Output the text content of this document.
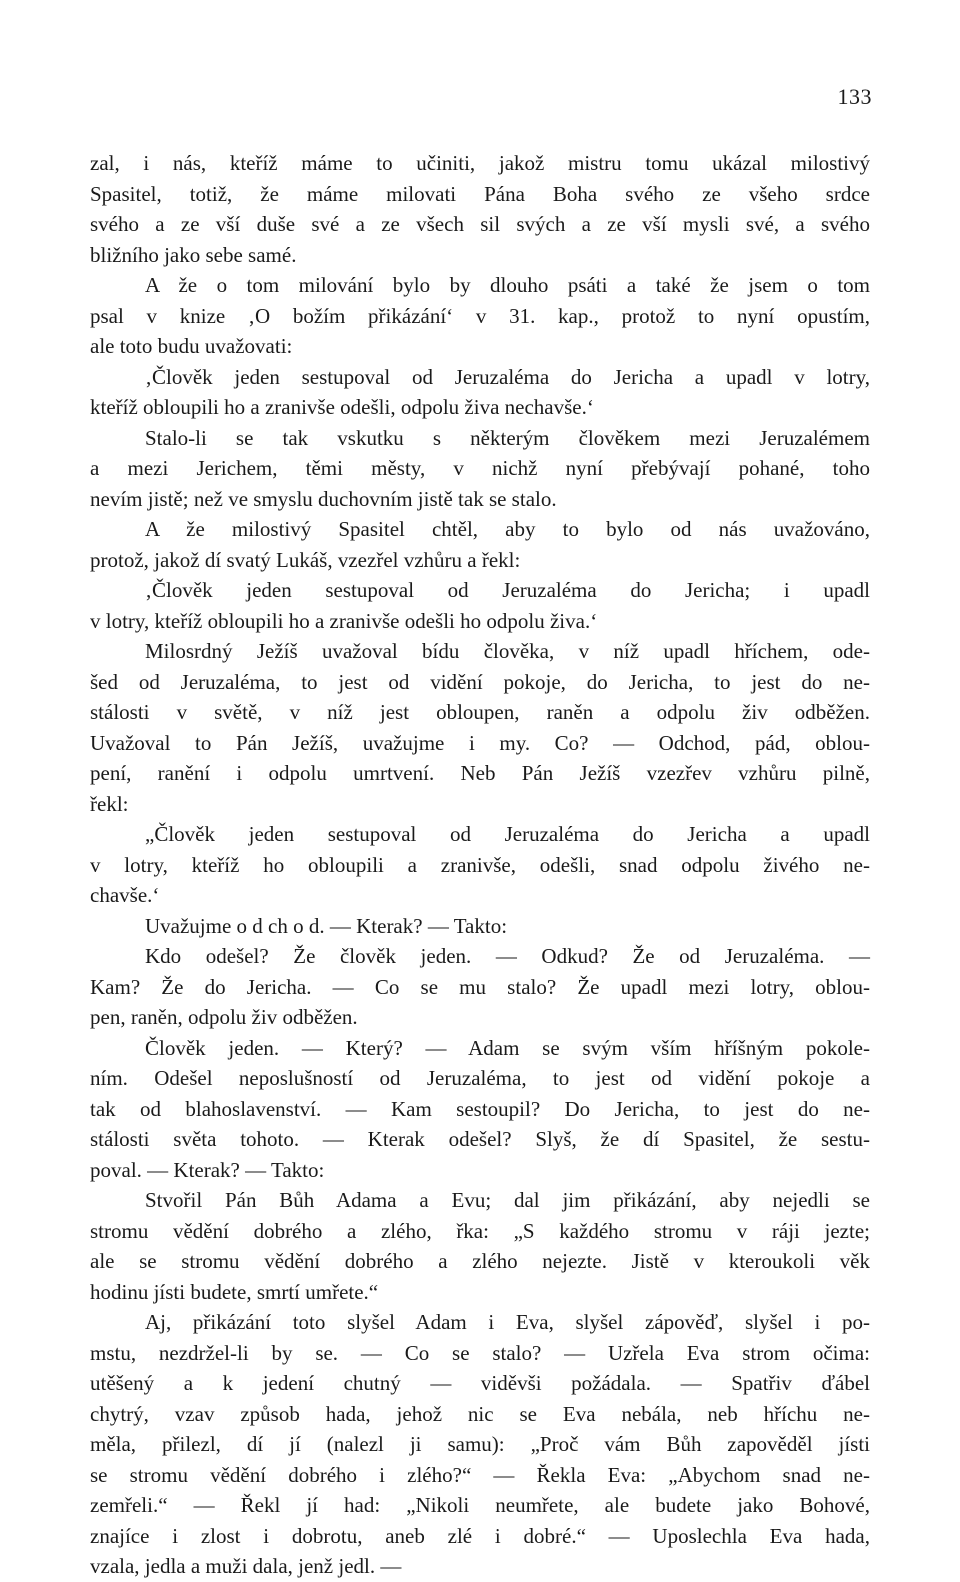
133
zal, i nás, kteříž máme to učiniti, jakož mistru tomu ukázal milostivý
Spasitel, totiž, že máme milovati Pána Boha svého ze všeho srdce
svého a ze vší duše své a ze všech sil svých a ze vší mysli své, a svého
bližního jako sebe samé.
A že o tom milování bylo by dlouho psáti a také že jsem o tom
psal v knize ‚O božím přikázání‘ v 31. kap., protož to nyní opustím,
ale toto budu uvažovati:
‚Člověk jeden sestupoval od Jeruzaléma do Jericha a upadl v lotry,
kteříž obloupili ho a zranivše odešli, odpolu živa nechavše.‘
Stalo-li se tak vskutku s některým člověkem mezi Jeruzalémem
a mezi Jerichem, těmi městy, v nichž nyní přebývají pohané, toho
nevím jistě; než ve smyslu duchovním jistě tak se stalo.
A že milostivý Spasitel chtěl, aby to bylo od nás uvažováno,
protož, jakož dí svatý Lukáš, vzezřel vzhůru a řekl:
‚Člověk jeden sestupoval od Jeruzaléma do Jericha; i upadl
v lotry, kteříž obloupili ho a zranivše odešli ho odpolu živa.‘
Milosrdný Ježíš uvažoval bídu člověka, v níž upadl hříchem, ode-
šed od Jeruzaléma, to jest od vidění pokoje, do Jericha, to jest do ne-
stálosti v světě, v níž jest obloupen, raněn a odpolu živ odběžen.
Uvažoval to Pán Ježíš, uvažujme i my. Co? — Odchod, pád, oblou-
pení, ranění i odpolu umrtvení. Neb Pán Ježíš vzezřev vzhůru pilně,
řekl:
„Člověk jeden sestupoval od Jeruzaléma do Jericha a upadl
v lotry, kteříž ho obloupili a zranivše, odešli, snad odpolu živého ne-
chavše.‘
Uvažujme o d ch o d. — Kterak? — Takto:
Kdo odešel? Že člověk jeden. — Odkud? Že od Jeruzaléma. —
Kam? Že do Jericha. — Co se mu stalo? Že upadl mezi lotry, oblou-
pen, raněn, odpolu živ odběžen.
Člověk jeden. — Který? — Adam se svým vším hříšným pokole-
ním. Odešel neposlušností od Jeruzaléma, to jest od vidění pokoje a
tak od blahoslavenství. — Kam sestoupil? Do Jericha, to jest do ne-
stálosti světa tohoto. — Kterak odešel? Slyš, že dí Spasitel, že sestu-
poval. — Kterak? — Takto:
Stvořil Pán Bůh Adama a Evu; dal jim přikázání, aby nejedli se
stromu vědění dobrého a zlého, řka: „S každého stromu v ráji jezte;
ale se stromu vědění dobrého a zlého nejezte. Jistě v kteroukoli věk
hodinu jísti budete, smrtí umřete.“
Aj, přikázání toto slyšel Adam i Eva, slyšel zápověď, slyšel i po-
mstu, nezdržel-li by se. — Co se stalo? — Uzřela Eva strom očima:
utěšený a k jedení chutný — viděvši požádala. — Spatřiv ďábel
chytrý, vzav způsob hada, jehož nic se Eva nebála, neb hříchu ne-
měla, přilezl, dí jí (nalezl ji samu): „Proč vám Bůh zapověděl jísti
se stromu vědění dobrého i zlého?“ — Řekla Eva: „Abychom snad ne-
zemřeli.“ — Řekl jí had: „Nikoli neumřete, ale budete jako Bohové,
znajíce i zlost i dobrotu, aneb zlé i dobré.“ — Uposlechla Eva hada,
vzala, jedla a muži dala, jenž jedl. —
